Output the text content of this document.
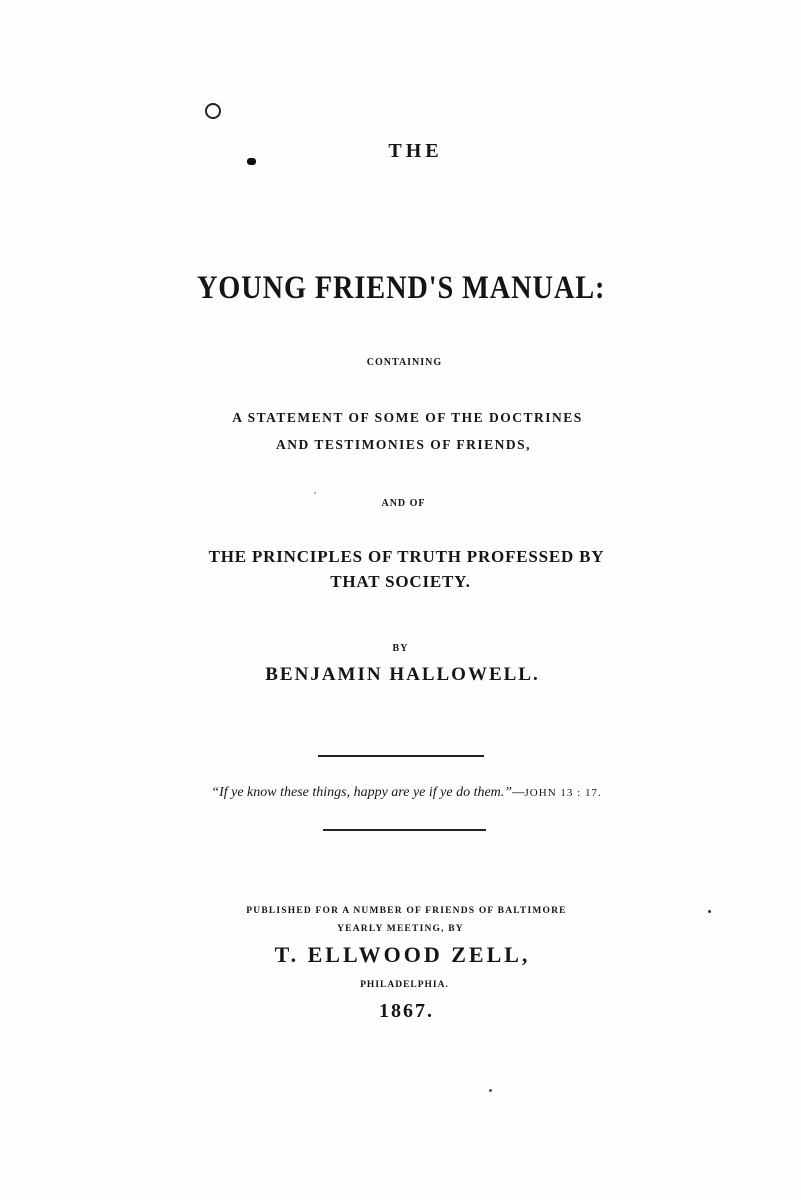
THE

YOUNG FRIEND'S MANUAL:

CONTAINING

A STATEMENT OF SOME OF THE DOCTRINES

AND TESTIMONIES OF FRIENDS,

AND OF

THE PRINCIPLES OF TRUTH PROFESSED BY

THAT SOCIETY.

BY

BENJAMIN HALLOWELL.

“If ye know these things, happy are ye if ye do them.”—JOHN 13 : 17.

PUBLISHED FOR A NUMBER OF FRIENDS OF BALTIMORE

YEARLY MEETING, BY

T. ELLWOOD ZELL,

PHILADELPHIA.

1867.
